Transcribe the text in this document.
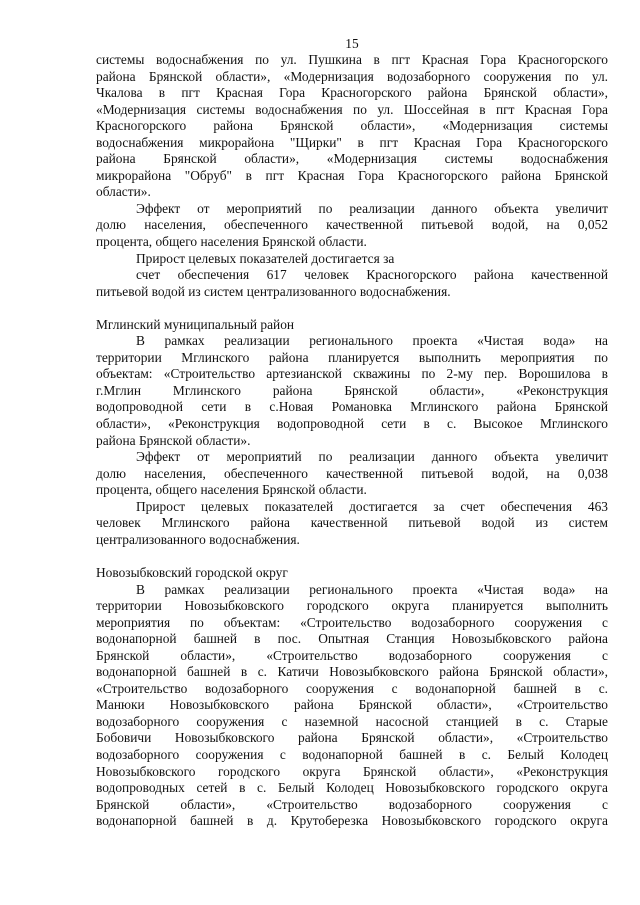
15
системы водоснабжения по ул. Пушкина в пгт Красная Гора Красногорского
района Брянской области», «Модернизация водозаборного сооружения по ул.
Чкалова в пгт Красная Гора Красногорского района Брянской области»,
«Модернизация системы водоснабжения по ул. Шоссейная в пгт Красная Гора
Красногорского района Брянской области», «Модернизация системы
водоснабжения микрорайона "Щирки" в пгт Красная Гора Красногорского
района Брянской области», «Модернизация системы водоснабжения
микрорайона "Обруб" в пгт Красная Гора Красногорского района Брянской
области».
Эффект от мероприятий по реализации данного объекта увеличит
долю населения, обеспеченного качественной питьевой водой, на 0,052
процента, общего населения Брянской области.
Прирост целевых показателей достигается за
счет обеспечения 617 человек Красногорского района качественной
питьевой водой из систем централизованного водоснабжения.
Мглинский муниципальный район
В рамках реализации регионального проекта «Чистая вода» на
территории Мглинского района планируется выполнить мероприятия по
объектам: «Строительство артезианской скважины по 2-му пер. Ворошилова в
г.Мглин Мглинского района Брянской области», «Реконструкция
водопроводной сети в с.Новая Романовка Мглинского района Брянской
области», «Реконструкция водопроводной сети в с. Высокое Мглинского
района Брянской области».
Эффект от мероприятий по реализации данного объекта увеличит
долю населения, обеспеченного качественной питьевой водой, на 0,038
процента, общего населения Брянской области.
Прирост целевых показателей достигается за счет обеспечения 463
человек Мглинского района качественной питьевой водой из систем
централизованного водоснабжения.
Новозыбковский городской округ
В рамках реализации регионального проекта «Чистая вода» на
территории Новозыбковского городского округа планируется выполнить
мероприятия по объектам: «Строительство водозаборного сооружения с
водонапорной башней в пос. Опытная Станция Новозыбковского района
Брянской области», «Строительство водозаборного сооружения с
водонапорной башней в с. Катичи Новозыбковского района Брянской области»,
«Строительство водозаборного сооружения с водонапорной башней в с.
Манюки Новозыбковского района Брянской области», «Строительство
водозаборного сооружения с наземной насосной станцией в с. Старые
Бобовичи Новозыбковского района Брянской области», «Строительство
водозаборного сооружения с водонапорной башней в с. Белый Колодец
Новозыбковского городского округа Брянской области», «Реконструкция
водопроводных сетей в с. Белый Колодец Новозыбковского городского округа
Брянской области», «Строительство водозаборного сооружения с
водонапорной башней в д. Крутоберезка Новозыбковского городского округа
